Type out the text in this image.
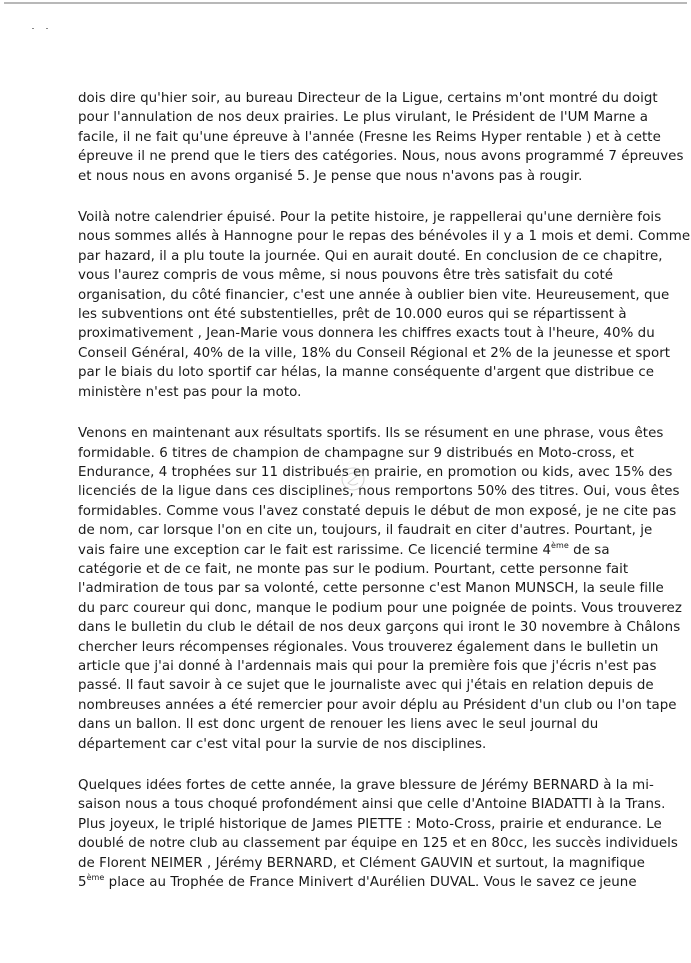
dois dire qu'hier soir, au bureau Directeur de la Ligue, certains m'ont montré du doigt
pour l'annulation de nos deux prairies. Le plus virulant, le Président de l'UM Marne a
facile, il ne fait qu'une épreuve à l'année (Fresne les Reims Hyper rentable ) et à cette
épreuve il ne prend que le tiers des catégories. Nous, nous avons programmé 7 épreuves
et nous nous en avons organisé 5. Je pense que nous n'avons pas à rougir.

Voilà notre calendrier épuisé. Pour la petite histoire, je rappellerai qu'une dernière fois
nous sommes allés à Hannogne pour le repas des bénévoles il y a 1 mois et demi. Comme
par hazard, il a plu toute la journée. Qui en aurait douté. En conclusion de ce chapitre,
vous l'aurez compris de vous même, si nous pouvons être très satisfait du coté
organisation, du côté financier, c'est une année à oublier bien vite. Heureusement, que
les subventions ont été substentielles, prêt de 10.000 euros qui se répartissent à
proximativement , Jean-Marie vous donnera les chiffres exacts tout à l'heure, 40% du
Conseil Général, 40% de la ville, 18% du Conseil Régional et 2% de la jeunesse et sport
par le biais du loto sportif car hélas, la manne conséquente d'argent que distribue ce
ministère n'est pas pour la moto.

Venons en maintenant aux résultats sportifs. Ils se résument en une phrase, vous êtes
formidable. 6 titres de champion de champagne sur 9 distribués en Moto-cross, et
Endurance, 4 trophées sur 11 distribués en prairie, en promotion ou kids, avec 15% des
licenciés de la ligue dans ces disciplines, nous remportons 50% des titres. Oui, vous êtes
formidables. Comme vous l'avez constaté depuis le début de mon exposé, je ne cite pas
de nom, car lorsque l'on en cite un, toujours, il faudrait en citer d'autres. Pourtant, je
vais faire une exception car le fait est rarissime. Ce licencié termine 4ème de sa
catégorie et de ce fait, ne monte pas sur le podium. Pourtant, cette personne fait
l'admiration de tous par sa volonté, cette personne c'est Manon MUNSCH, la seule fille
du parc coureur qui donc, manque le podium pour une poignée de points. Vous trouverez
dans le bulletin du club le détail de nos deux garçons qui iront le 30 novembre à Châlons
chercher leurs récompenses régionales. Vous trouverez également dans le bulletin un
article que j'ai donné à l'ardennais mais qui pour la première fois que j'écris n'est pas
passé. Il faut savoir à ce sujet que le journaliste avec qui j'étais en relation depuis de
nombreuses années a été remercier pour avoir déplu au Président d'un club ou l'on tape
dans un ballon. Il est donc urgent de renouer les liens avec le seul journal du
département car c'est vital pour la survie de nos disciplines.

Quelques idées fortes de cette année, la grave blessure de Jérémy BERNARD à la mi-
saison nous a tous choqué profondément ainsi que celle d'Antoine BIADATTI à la Trans.
Plus joyeux, le triplé historique de James PIETTE : Moto-Cross, prairie et endurance. Le
doublé de notre club au classement par équipe en 125 et en 80cc, les succès individuels
de Florent NEIMER , Jérémy BERNARD, et Clément GAUVIN et surtout, la magnifique
5ème place au Trophée de France Minivert d'Aurélien DUVAL. Vous le savez ce jeune
